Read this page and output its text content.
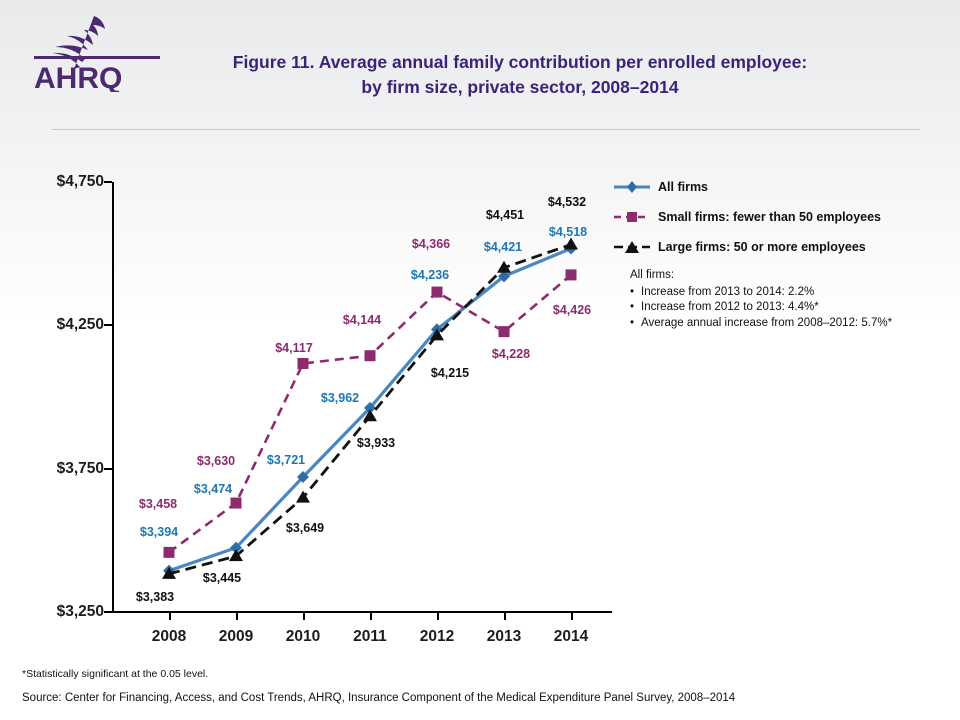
AHRQ	Figure 11. Average annual family contribution per enrolled employee:
by firm size, private sector, 2008–2014
$3,250
$3,750
$4,250
$4,750
2008 2009 2010 2011 2012 2013 2014
$3,394
$3,474
$3,721
$3,962
$4,236
$4,421
$4,518
$3,458
$3,630
$4,117
$4,144
$4,366
$4,228
$4,426
$3,383
$3,445
$3,649
$3,933
$4,215
$4,451
$4,532
All firms
Small firms: fewer than 50 employees
Large firms: 50 or more employees
All firms:
• Increase from 2013 to 2014: 2.2%
• Increase from 2012 to 2013: 4.4%*
• Average annual increase from 2008–2012: 5.7%*
*Statistically significant at the 0.05 level.
Source: Center for Financing, Access, and Cost Trends, AHRQ, Insurance Component of the Medical Expenditure Panel Survey, 2008–2014
